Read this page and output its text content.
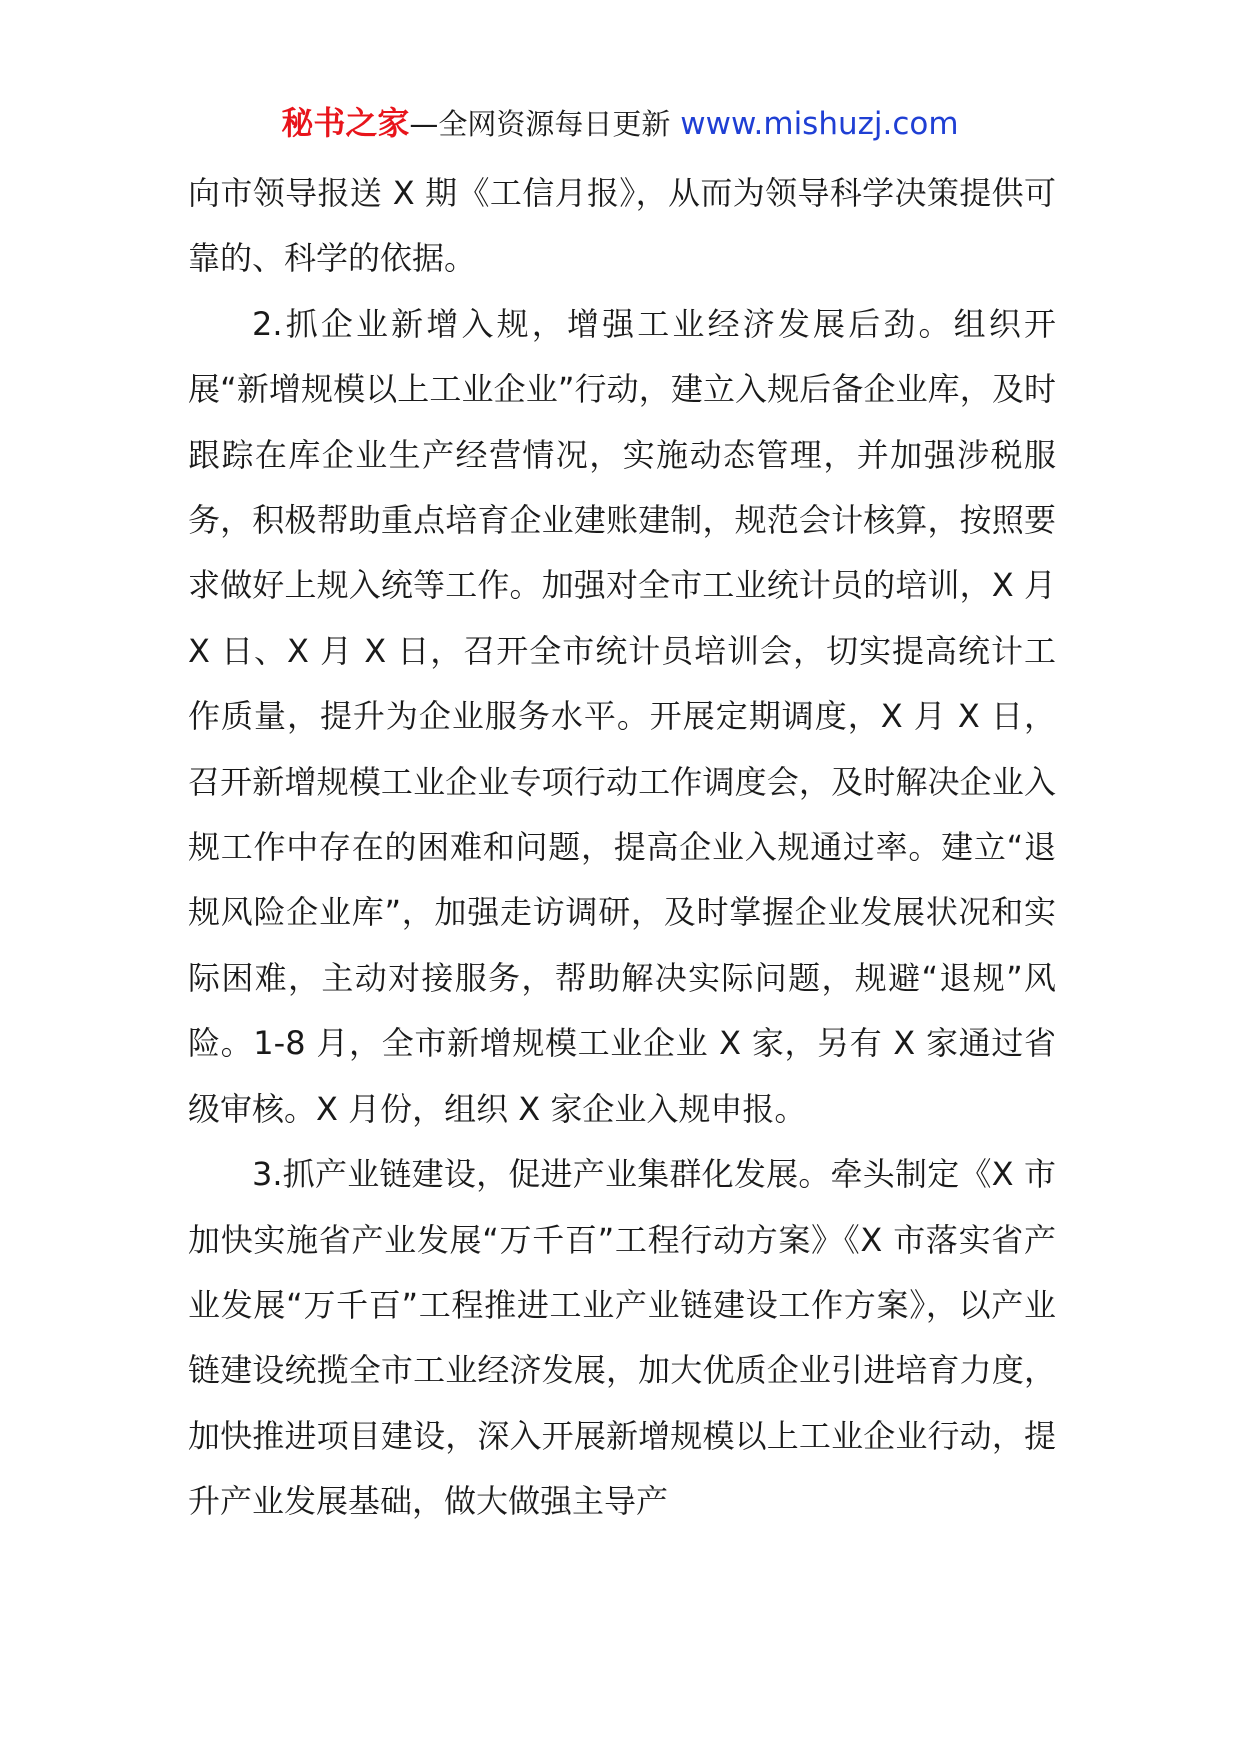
秘书之家—全网资源每日更新 www.mishuzj.com

向市领导报送 X 期《工信月报》，从而为领导科学决策提供可靠的、科学的依据。

2.抓企业新增入规，增强工业经济发展后劲。组织开展“新增规模以上工业企业”行动，建立入规后备企业库，及时跟踪在库企业生产经营情况，实施动态管理，并加强涉税服务，积极帮助重点培育企业建账建制，规范会计核算，按照要求做好上规入统等工作。加强对全市工业统计员的培训，X 月 X 日、X 月 X 日，召开全市统计员培训会，切实提高统计工作质量，提升为企业服务水平。开展定期调度，X 月 X 日，召开新增规模工业企业专项行动工作调度会，及时解决企业入规工作中存在的困难和问题，提高企业入规通过率。建立“退规风险企业库”，加强走访调研，及时掌握企业发展状况和实际困难，主动对接服务，帮助解决实际问题，规避“退规”风险。1-8 月，全市新增规模工业企业 X 家，另有 X 家通过省级审核。X 月份，组织 X 家企业入规申报。

3.抓产业链建设，促进产业集群化发展。牵头制定《X 市加快实施省产业发展“万千百”工程行动方案》《X 市落实省产业发展“万千百”工程推进工业产业链建设工作方案》，以产业链建设统揽全市工业经济发展，加大优质企业引进培育力度，加快推进项目建设，深入开展新增规模以上工业企业行动，提升产业发展基础，做大做强主导产
